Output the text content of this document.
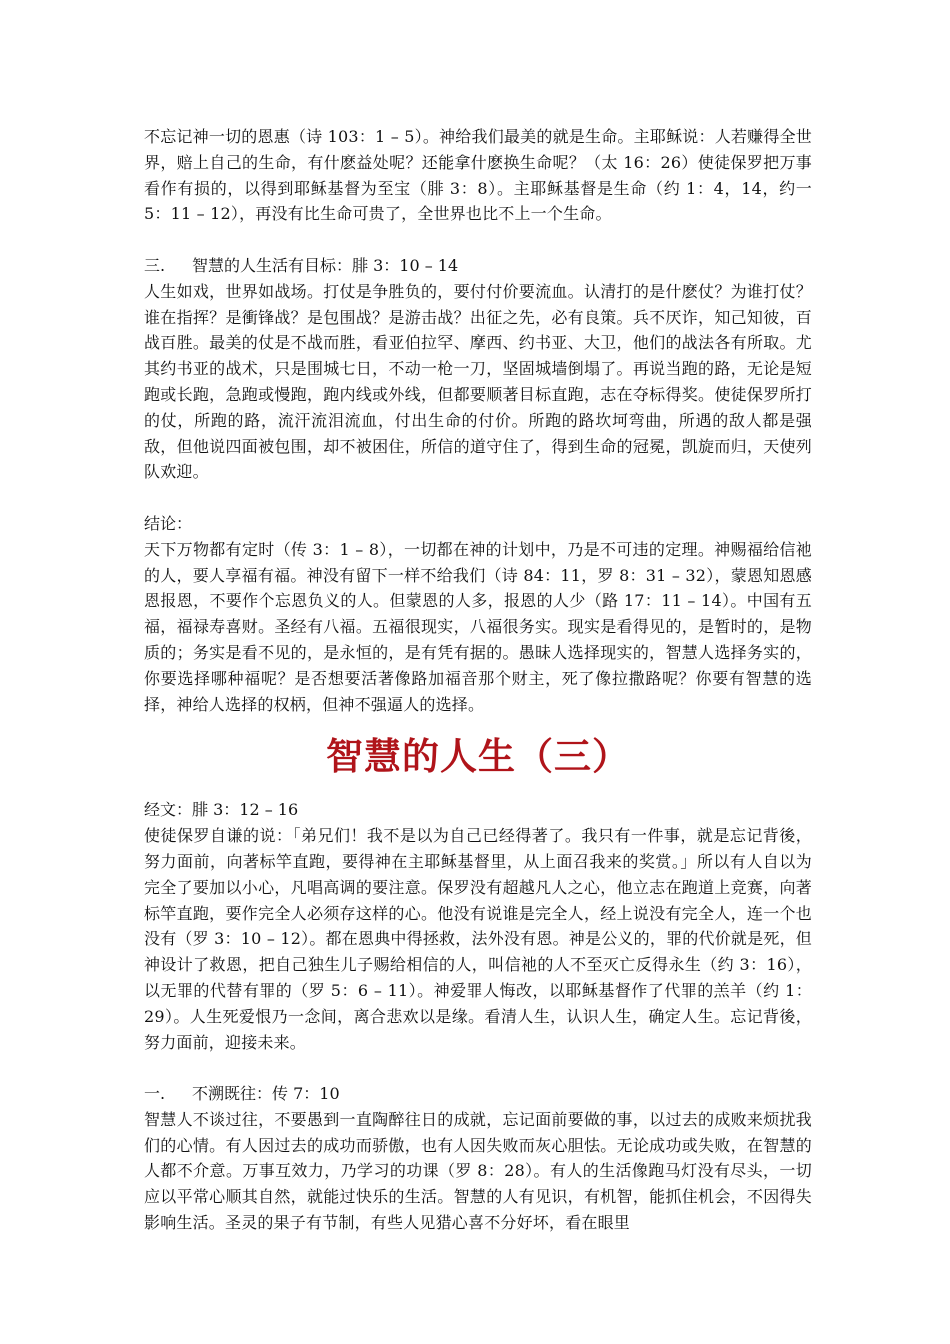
不忘记神一切的恩惠（诗 103：1 – 5）。神给我们最美的就是生命。主耶稣说：人若赚得全世界，赔上自己的生命，有什麽益处呢？还能拿什麽换生命呢？（太 16：26）使徒保罗把万事看作有损的，以得到耶稣基督为至宝（腓 3：8）。主耶稣基督是生命（约 1：4，14，约一 5：11 – 12），再没有比生命可贵了，全世界也比不上一个生命。

三. 智慧的人生活有目标：腓 3：10 – 14

人生如戏，世界如战场。打仗是争胜负的，要付付价要流血。认清打的是什麽仗？为谁打仗？谁在指挥？是衝锋战？是包围战？是游击战？出征之先，必有良策。兵不厌诈，知己知彼，百战百胜。最美的仗是不战而胜，看亚伯拉罕、摩西、约书亚、大卫，他们的战法各有所取。尤其约书亚的战术，只是围城七日，不动一枪一刀，坚固城墙倒塌了。再说当跑的路，无论是短跑或长跑，急跑或慢跑，跑内线或外线，但都要顺著目标直跑，志在夺标得奖。使徒保罗所打的仗，所跑的路，流汗流泪流血，付出生命的付价。所跑的路坎坷弯曲，所遇的敌人都是强敌，但他说四面被包围，却不被困住，所信的道守住了，得到生命的冠冕，凯旋而归，天使列队欢迎。

结论：

天下万物都有定时（传 3：1 – 8），一切都在神的计划中，乃是不可违的定理。神赐福给信祂的人，要人享福有福。神没有留下一样不给我们（诗 84：11，罗 8：31 – 32），蒙恩知恩感恩报恩，不要作个忘恩负义的人。但蒙恩的人多，报恩的人少（路 17：11 – 14）。中国有五福，福禄寿喜财。圣经有八福。五福很现实，八福很务实。现实是看得见的，是暂时的，是物质的；务实是看不见的，是永恒的，是有凭有据的。愚昧人选择现实的，智慧人选择务实的，你要选择哪种福呢？是否想要活著像路加福音那个财主，死了像拉撒路呢？你要有智慧的选择，神给人选择的权柄，但神不强逼人的选择。

智慧的人生（三）

经文：腓 3：12 – 16

使徒保罗自谦的说：「弟兄们！我不是以为自己已经得著了。我只有一件事，就是忘记背後，努力面前，向著标竿直跑，要得神在主耶稣基督里，从上面召我来的奖赏。」所以有人自以为完全了要加以小心，凡唱高调的要注意。保罗没有超越凡人之心，他立志在跑道上竞赛，向著标竿直跑，要作完全人必须存这样的心。他没有说谁是完全人，经上说没有完全人，连一个也没有（罗 3：10 – 12）。都在恩典中得拯救，法外没有恩。神是公义的，罪的代价就是死，但神设计了救恩，把自己独生儿子赐给相信的人，叫信祂的人不至灭亡反得永生（约 3：16），以无罪的代替有罪的（罗 5：6 – 11）。神爱罪人悔改，以耶稣基督作了代罪的羔羊（约 1：29）。人生死爱恨乃一念间，离合悲欢以是缘。看清人生，认识人生，确定人生。忘记背後，努力面前，迎接未来。

一. 不溯既往：传 7：10

智慧人不谈过往，不要愚到一直陶醉往日的成就，忘记面前要做的事，以过去的成败来烦扰我们的心情。有人因过去的成功而骄傲，也有人因失败而灰心胆怯。无论成功或失败，在智慧的人都不介意。万事互效力，乃学习的功课（罗 8：28）。有人的生活像跑马灯没有尽头，一切应以平常心顺其自然，就能过快乐的生活。智慧的人有见识，有机智，能抓住机会，不因得失影响生活。圣灵的果子有节制，有些人见猎心喜不分好坏，看在眼里
